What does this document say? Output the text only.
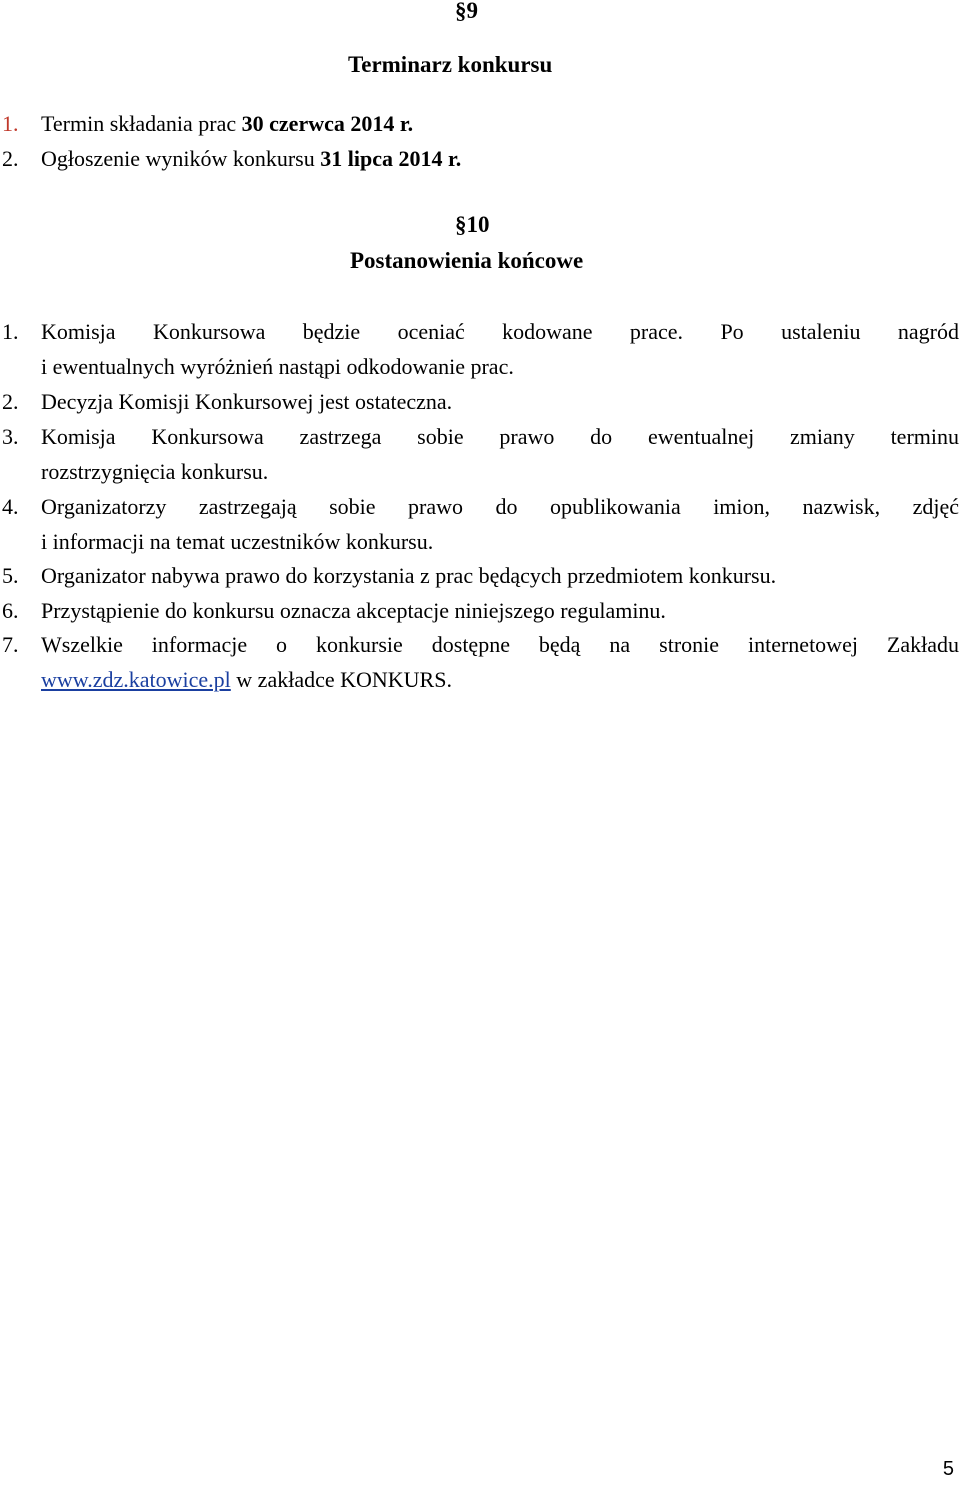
§9
Terminarz konkursu
1.	Termin składania prac 30 czerwca 2014 r.
2.	Ogłoszenie wyników konkursu 31 lipca 2014 r.
§10
Postanowienia końcowe
1.	Komisja Konkursowa będzie oceniać kodowane prace. Po ustaleniu nagród
i ewentualnych wyróżnień nastąpi odkodowanie prac.
2.	Decyzja Komisji Konkursowej jest ostateczna.
3.	Komisja Konkursowa zastrzega sobie prawo do ewentualnej zmiany terminu
rozstrzygnięcia konkursu.
4.	Organizatorzy zastrzegają sobie prawo do opublikowania imion, nazwisk, zdjęć
i informacji na temat uczestników konkursu.
5.	Organizator nabywa prawo do korzystania z prac będących przedmiotem konkursu.
6.	Przystąpienie do konkursu oznacza akceptacje niniejszego regulaminu.
7.	Wszelkie informacje o konkursie dostępne będą na stronie internetowej Zakładu
www.zdz.katowice.pl w zakładce KONKURS.
5
